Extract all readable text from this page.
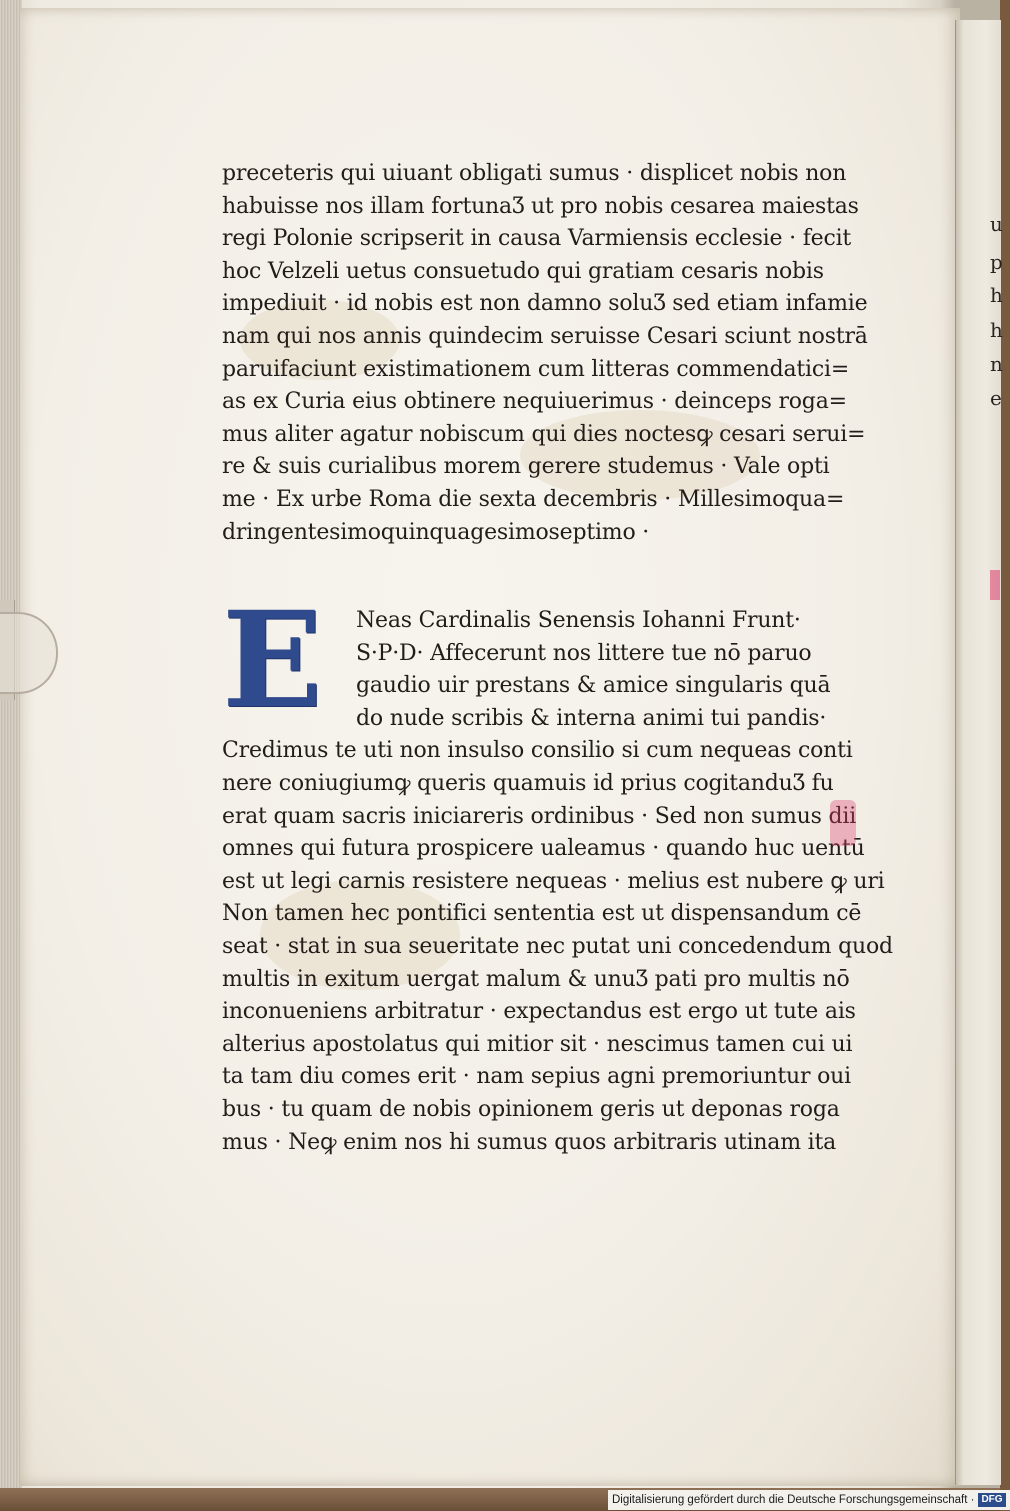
u
p
h
h
n
e
preceteris qui uiuant obligati sumus · displicet nobis non
habuisse nos illam fortunaƷ ut pro nobis cesarea maiestas
regi Polonie scripserit in causa Varmiensis ecclesie · fecit
hoc Velzeli uetus consuetudo qui gratiam cesaris nobis
impediuit · id nobis est non damno soluƷ sed etiam infamie
nam qui nos annis quindecim seruisse Cesari sciunt nostrā
paruifaciunt existimationem cum litteras commendatici=
as ex Curia eius obtinere nequiuerimus · deinceps roga=
mus aliter agatur nobiscum qui dies noctesꝙ cesari serui=
re & suis curialibus morem gerere studemus · Vale opti
me · Ex urbe Roma die sexta decembris · Millesimoqua=
dringentesimoquinquagesimoseptimo ·
E	Neas Cardinalis Senensis Iohanni Frunt·
S·P·D· Affecerunt nos littere tue nō paruo
gaudio uir prestans & amice singularis quā
do nude scribis & interna animi tui pandis·
Credimus te uti non insulso consilio si cum nequeas conti
nere coniugiumꝙ queris quamuis id prius cogitanduƷ fu
erat quam sacris iniciareris ordinibus · Sed non sumus dii
omnes qui futura prospicere ualeamus · quando huc uentū
est ut legi carnis resistere nequeas · melius est nubere ꝙ uri
Non tamen hec pontifici sententia est ut dispensandum cē
seat · stat in sua seueritate nec putat uni concedendum quod
multis in exitum uergat malum & unuƷ pati pro multis nō
inconueniens arbitratur · expectandus est ergo ut tute ais
alterius apostolatus qui mitior sit · nescimus tamen cui ui
ta tam diu comes erit · nam sepius agni premoriuntur oui
bus · tu quam de nobis opinionem geris ut deponas roga
mus · Neꝙ enim nos hi sumus quos arbitraris utinam ita
Digitalisierung gefördert durch die Deutsche Forschungsgemeinschaft · DFG
